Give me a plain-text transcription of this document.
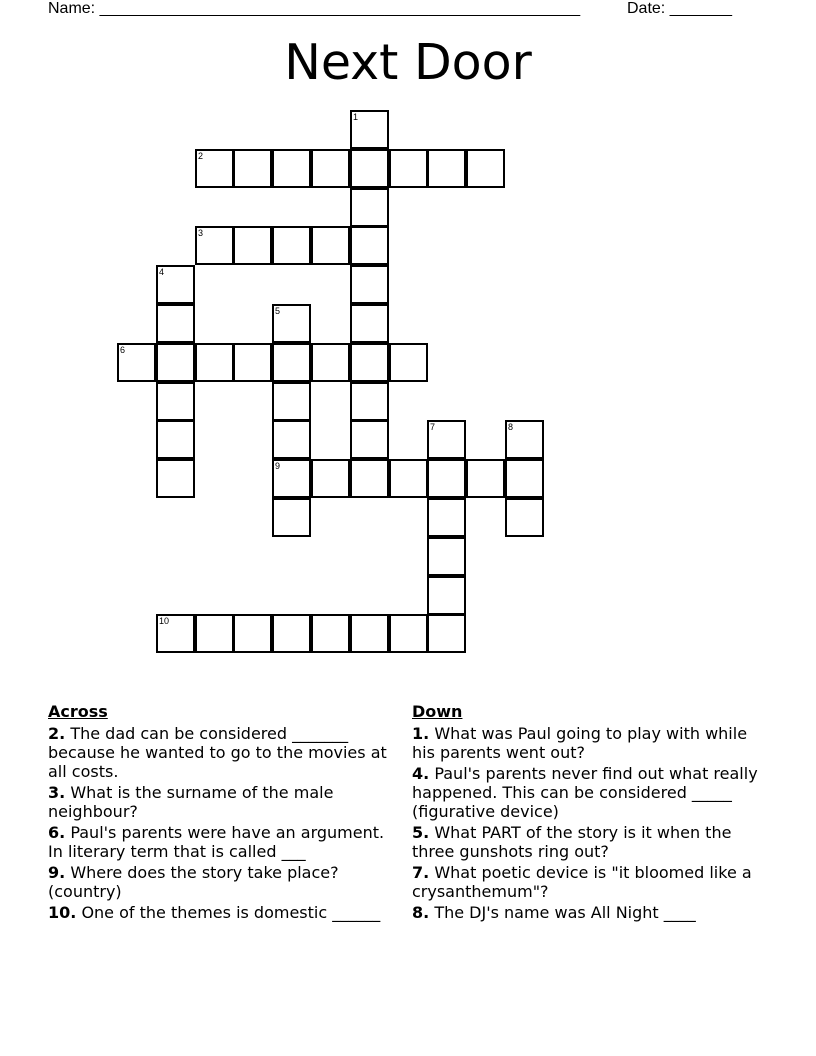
Name: ______________________________________________________	Date: _______
Next Door
1
2
3
4
5
9
6
7	8
10
Across
2. The dad can be considered _______ because he wanted to go to the movies at all costs.
3. What is the surname of the male neighbour?
6. Paul's parents were have an argument. In literary term that is called ___
9. Where does the story take place? (country)
10. One of the themes is domestic ______
Down
1. What was Paul going to play with while his parents went out?
4. Paul's parents never find out what really happened. This can be considered _____ (figurative device)
5. What PART of the story is it when the three gunshots ring out?
7. What poetic device is "it bloomed like a crysanthemum"?
8. The DJ's name was All Night ____
